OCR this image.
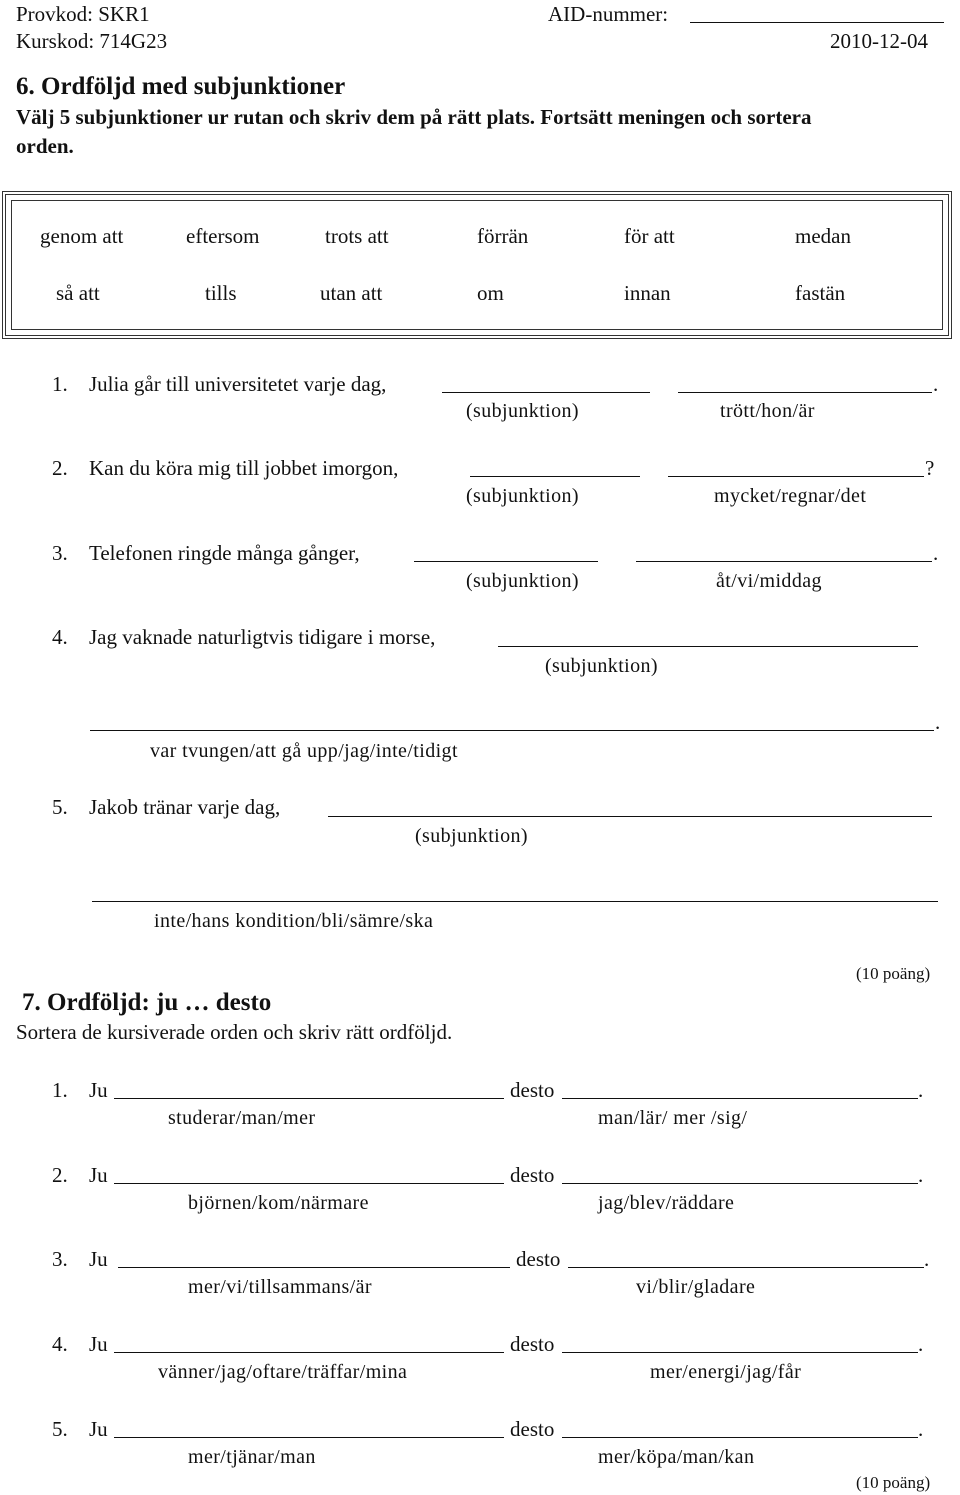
Provkod: SKR1
Kurskod: 714G23
AID-nummer:
2010-12-04
6. Ordföljd med subjunktioner
Välj 5 subjunktioner ur rutan och skriv dem på rätt plats. Fortsätt meningen och sortera
orden.
genom att	eftersom	trots att	förrän	för att	medan
så att	tills	utan att	om	innan	fastän
1. Julia går till universitetet varje dag,	.
(subjunktion)	trött/hon/är
2. Kan du köra mig till jobbet imorgon,	?
(subjunktion)	mycket/regnar/det
3. Telefonen ringde många gånger,	.
(subjunktion)	åt/vi/middag
4. Jag vaknade naturligtvis tidigare i morse,
(subjunktion)
.
var tvungen/att gå upp/jag/inte/tidigt
5. Jakob tränar varje dag,
(subjunktion)
inte/hans kondition/bli/sämre/ska
(10 poäng)
7. Ordföljd: ju … desto
Sortera de kursiverade orden och skriv rätt ordföljd.
1. Ju	desto	.
studerar/man/mer	man/lär/ mer /sig/
2. Ju	desto	.
björnen/kom/närmare	jag/blev/räddare
3. Ju	desto	.
mer/vi/tillsammans/är	vi/blir/gladare
4. Ju	desto	.
vänner/jag/oftare/träffar/mina	mer/energi/jag/får
5. Ju	desto	.
mer/tjänar/man	mer/köpa/man/kan
(10 poäng)
